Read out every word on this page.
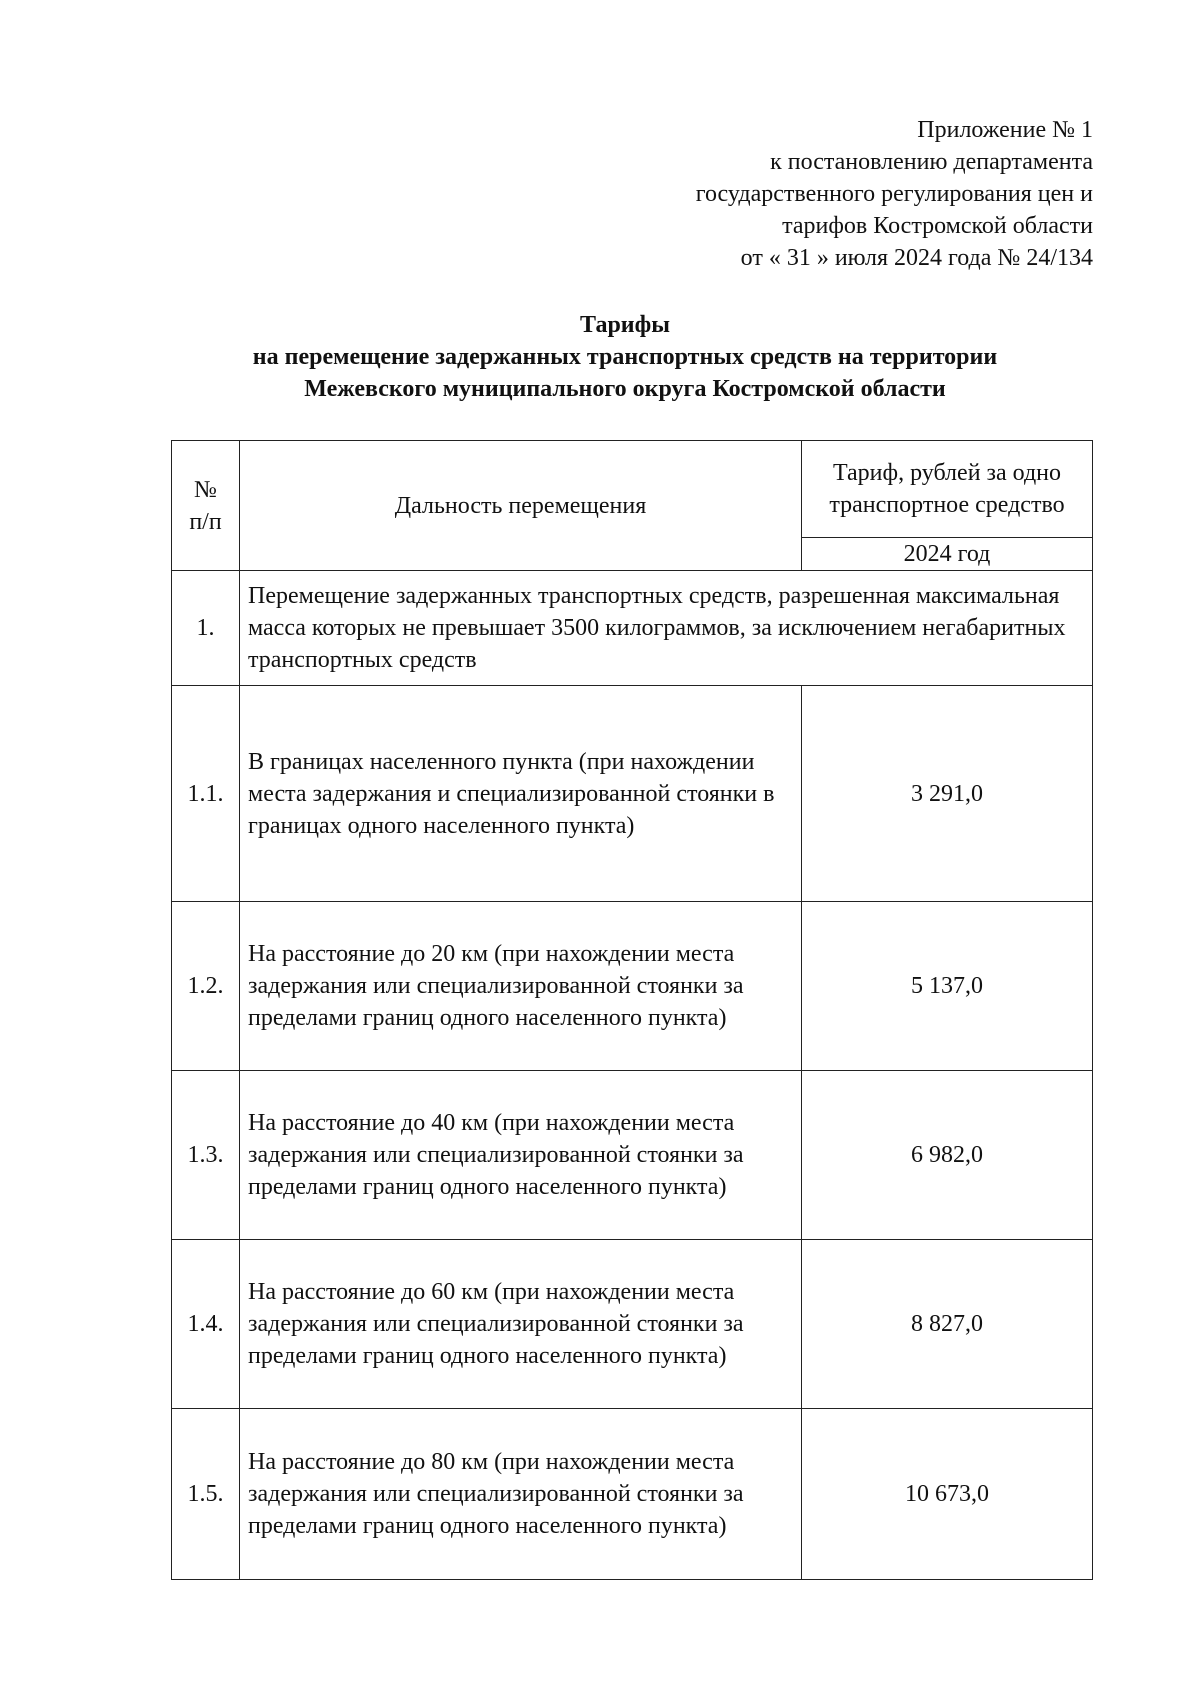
Приложение № 1
к постановлению департамента
государственного регулирования цен и
тарифов Костромской области
от « 31 » июля 2024 года № 24/134
Тарифы
на перемещение задержанных транспортных средств на территории
Межевского муниципального округа Костромской области
№ п/п	Дальность перемещения	Тариф, рублей за одно транспортное средство

		2024 год
1.	Перемещение задержанных транспортных средств, разрешенная максимальная масса которых не превышает 3500 килограммов, за исключением негабаритных транспортных средств	
1.1.	В границах населенного пункта (при нахождении места задержания и специализированной стоянки в границах одного населенного пункта)	3 291,0
1.2.	На расстояние до 20 км (при нахождении места задержания или специализированной стоянки за пределами границ одного населенного пункта)	5 137,0
1.3.	На расстояние до 40 км (при нахождении места задержания или специализированной стоянки за пределами границ одного населенного пункта)	6 982,0
1.4.	На расстояние до 60 км (при нахождении места задержания или специализированной стоянки за пределами границ одного населенного пункта)	8 827,0
1.5.	На расстояние до 80 км (при нахождении места задержания или специализированной стоянки за пределами границ одного населенного пункта)	10 673,0
